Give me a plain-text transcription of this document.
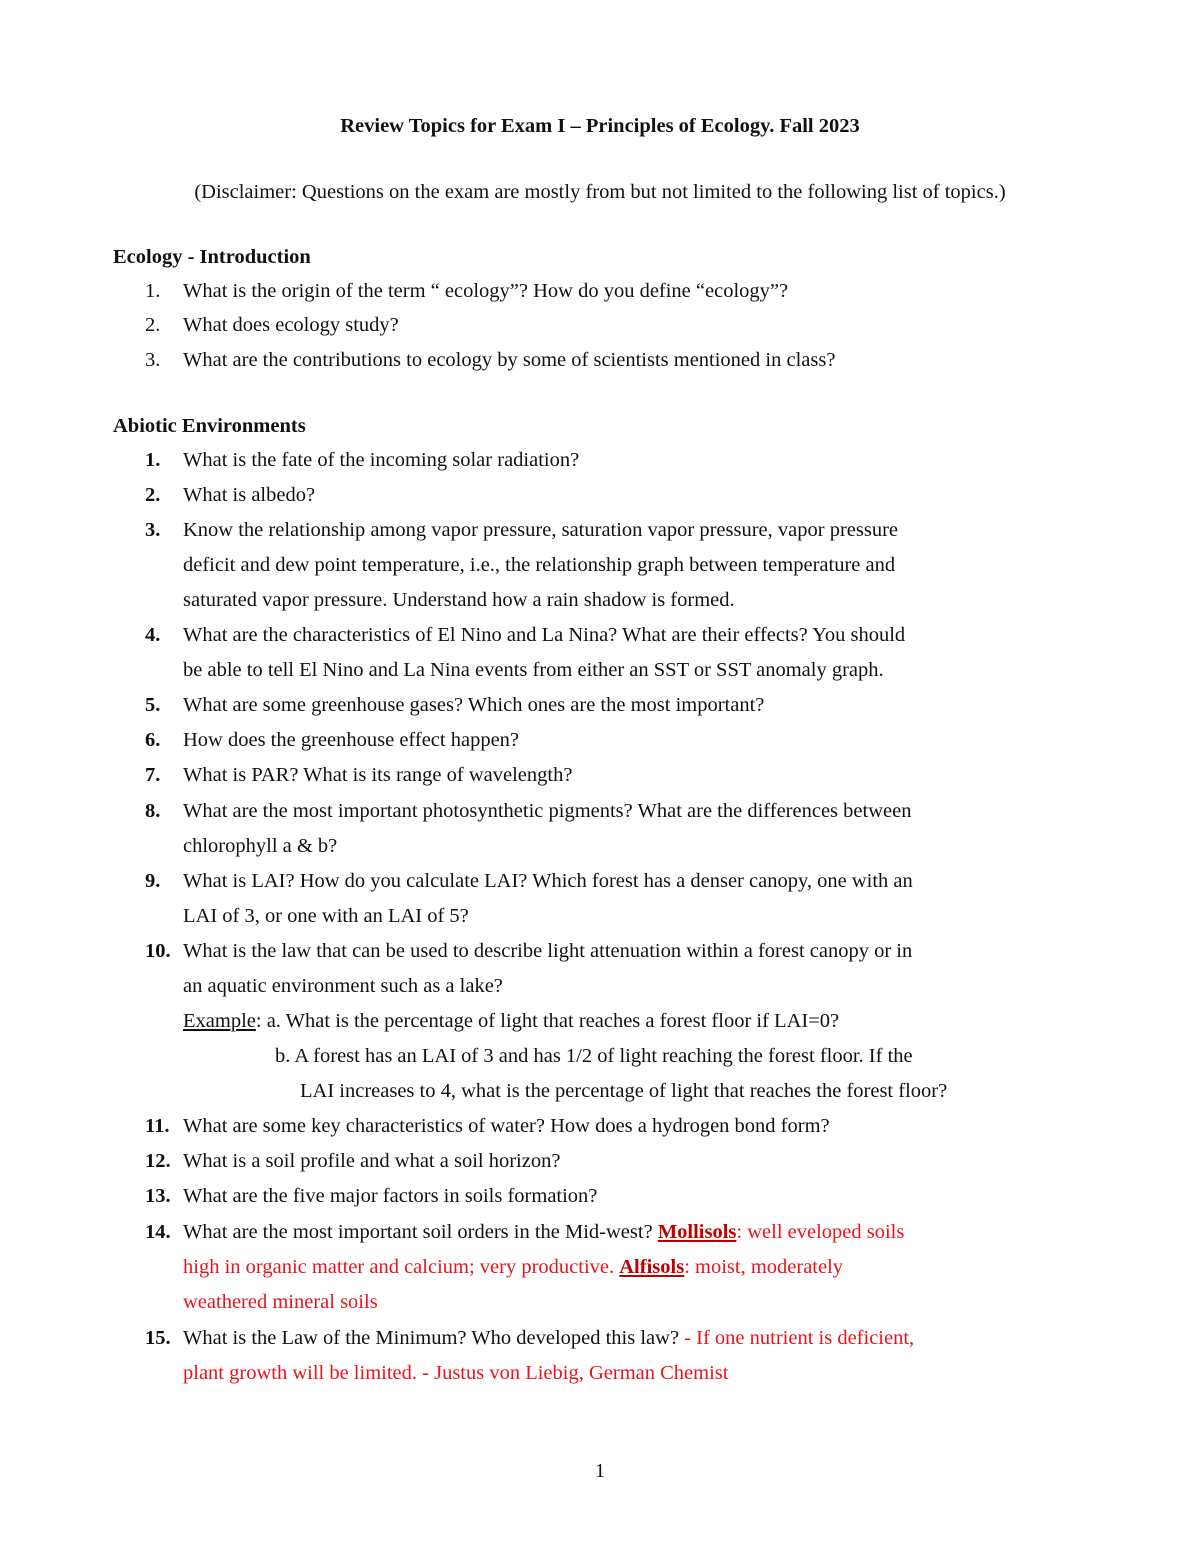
Review Topics for Exam I – Principles of Ecology. Fall 2023
(Disclaimer: Questions on the exam are mostly from but not limited to the following list of topics.)
Ecology - Introduction
1. What is the origin of the term “ ecology”? How do you define “ecology”?
2. What does ecology study?
3. What are the contributions to ecology by some of scientists mentioned in class?
Abiotic Environments
1. What is the fate of the incoming solar radiation?
2. What is albedo?
3. Know the relationship among vapor pressure, saturation vapor pressure, vapor pressure
deficit and dew point temperature, i.e., the relationship graph between temperature and
saturated vapor pressure. Understand how a rain shadow is formed.
4. What are the characteristics of El Nino and La Nina? What are their effects? You should
be able to tell El Nino and La Nina events from either an SST or SST anomaly graph.
5. What are some greenhouse gases? Which ones are the most important?
6. How does the greenhouse effect happen?
7. What is PAR? What is its range of wavelength?
8. What are the most important photosynthetic pigments? What are the differences between
chlorophyll a & b?
9. What is LAI? How do you calculate LAI? Which forest has a denser canopy, one with an
LAI of 3, or one with an LAI of 5?
10. What is the law that can be used to describe light attenuation within a forest canopy or in
an aquatic environment such as a lake?
Example: a. What is the percentage of light that reaches a forest floor if LAI=0?
b. A forest has an LAI of 3 and has 1/2 of light reaching the forest floor. If the
LAI increases to 4, what is the percentage of light that reaches the forest floor?
11. What are some key characteristics of water? How does a hydrogen bond form?
12. What is a soil profile and what a soil horizon?
13. What are the five major factors in soils formation?
14. What are the most important soil orders in the Mid-west? Mollisols: well eveloped soils
high in organic matter and calcium; very productive. Alfisols: moist, moderately
weathered mineral soils
15. What is the Law of the Minimum? Who developed this law? - If one nutrient is deficient,
plant growth will be limited. - Justus von Liebig, German Chemist
1
